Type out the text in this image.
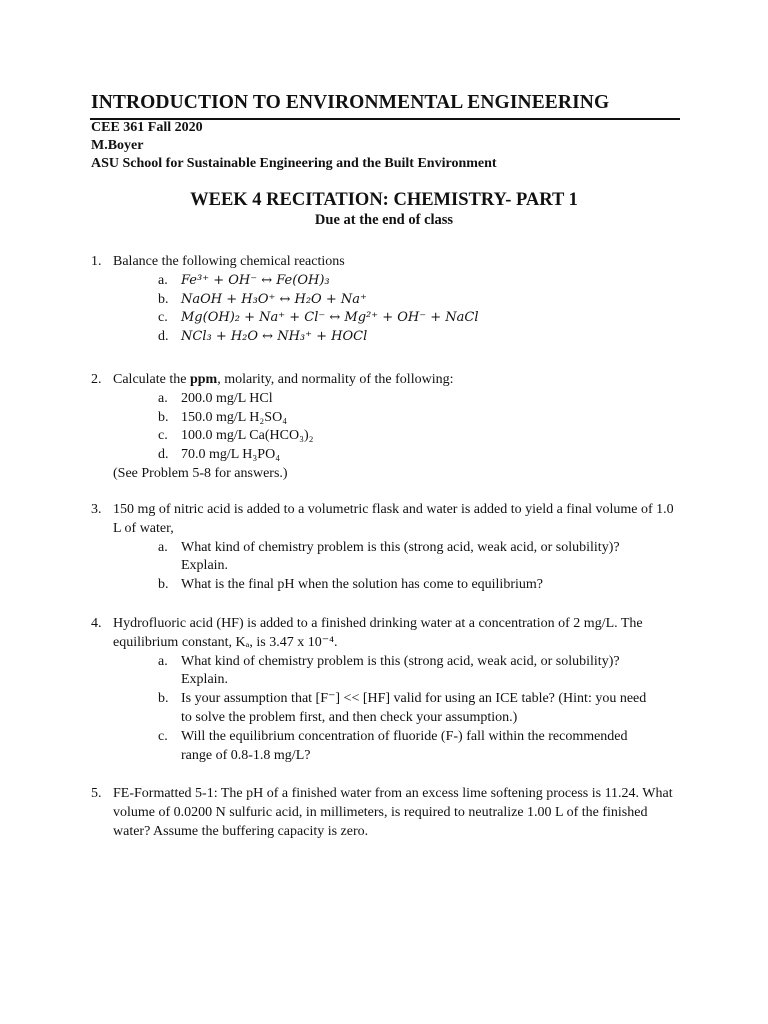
INTRODUCTION TO ENVIRONMENTAL ENGINEERING
CEE 361 Fall 2020
M.Boyer
ASU School for Sustainable Engineering and the Built Environment
WEEK 4 RECITATION: CHEMISTRY- PART 1
Due at the end of class
1. Balance the following chemical reactions
a. Fe³⁺ + OH⁻ ↔ Fe(OH)₃
b. NaOH + H₃O⁺ ↔ H₂O + Na⁺
c. Mg(OH)₂ + Na⁺ + Cl⁻ ↔ Mg²⁺ + OH⁻ + NaCl
d. NCl₃ + H₂O ↔ NH₃⁺ + HOCl
2. Calculate the ppm, molarity, and normality of the following:
a. 200.0 mg/L HCl
b. 150.0 mg/L H₂SO₄
c. 100.0 mg/L Ca(HCO₃)₂
d. 70.0 mg/L H₃PO₄
(See Problem 5-8 for answers.)
3. 150 mg of nitric acid is added to a volumetric flask and water is added to yield a final volume of 1.0 L of water,
a. What kind of chemistry problem is this (strong acid, weak acid, or solubility)? Explain.
b. What is the final pH when the solution has come to equilibrium?
4. Hydrofluoric acid (HF) is added to a finished drinking water at a concentration of 2 mg/L. The equilibrium constant, Kₐ, is 3.47 x 10⁻⁴.
a. What kind of chemistry problem is this (strong acid, weak acid, or solubility)? Explain.
b. Is your assumption that [F⁻] << [HF] valid for using an ICE table? (Hint: you need to solve the problem first, and then check your assumption.)
c. Will the equilibrium concentration of fluoride (F-) fall within the recommended range of 0.8-1.8 mg/L?
5. FE-Formatted 5-1: The pH of a finished water from an excess lime softening process is 11.24. What volume of 0.0200 N sulfuric acid, in millimeters, is required to neutralize 1.00 L of the finished water? Assume the buffering capacity is zero.
